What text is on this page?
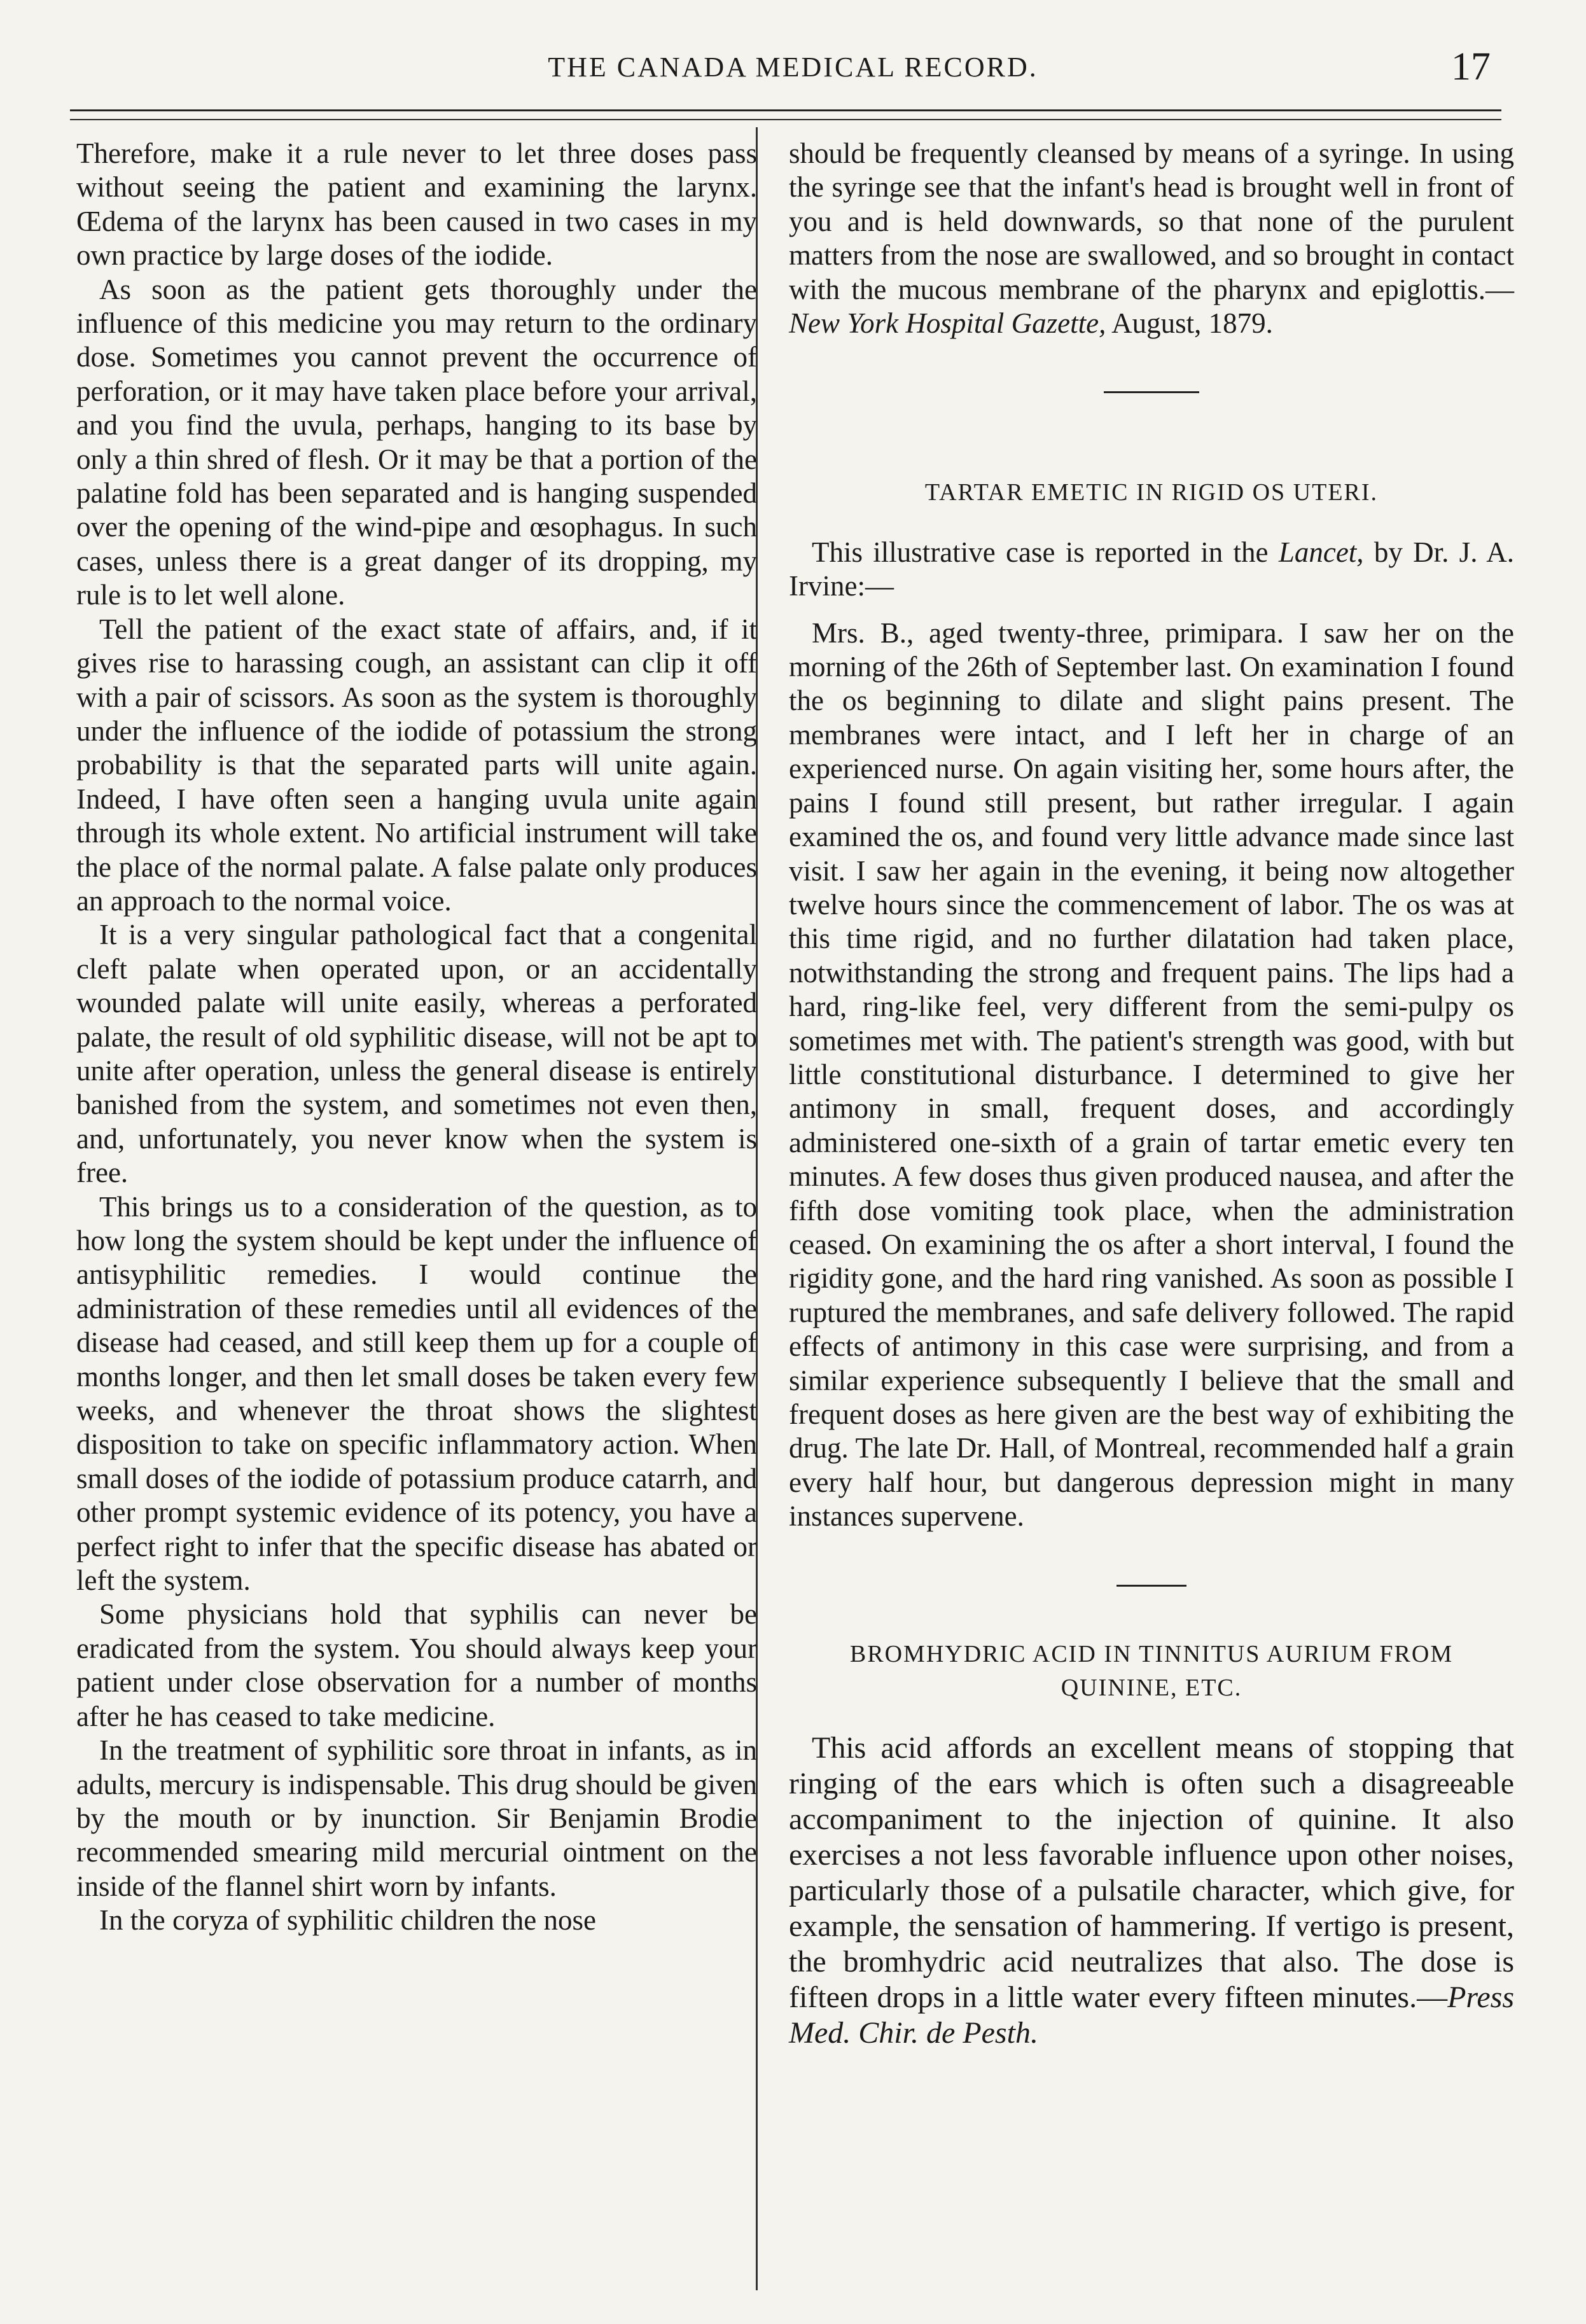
THE CANADA MEDICAL RECORD.	17

Therefore, make it a rule never to let three doses pass without seeing the patient and examining the larynx. Œdema of the larynx has been caused in two cases in my own practice by large doses of the iodide.

As soon as the patient gets thoroughly under the influence of this medicine you may return to the ordinary dose. Sometimes you cannot prevent the occurrence of perforation, or it may have taken place before your arrival, and you find the uvula, perhaps, hanging to its base by only a thin shred of flesh. Or it may be that a portion of the palatine fold has been separated and is hanging suspended over the opening of the wind-pipe and œsophagus. In such cases, unless there is a great danger of its dropping, my rule is to let well alone.

Tell the patient of the exact state of affairs, and, if it gives rise to harassing cough, an assistant can clip it off with a pair of scissors. As soon as the system is thoroughly under the influence of the iodide of potassium the strong probability is that the separated parts will unite again. Indeed, I have often seen a hanging uvula unite again through its whole extent. No artificial instrument will take the place of the normal palate. A false palate only produces an approach to the normal voice.

It is a very singular pathological fact that a congenital cleft palate when operated upon, or an accidentally wounded palate will unite easily, whereas a perforated palate, the result of old syphilitic disease, will not be apt to unite after operation, unless the general disease is entirely banished from the system, and sometimes not even then, and, unfortunately, you never know when the system is free.

This brings us to a consideration of the question, as to how long the system should be kept under the influence of antisyphilitic remedies. I would continue the administration of these remedies until all evidences of the disease had ceased, and still keep them up for a couple of months longer, and then let small doses be taken every few weeks, and whenever the throat shows the slightest disposition to take on specific inflammatory action. When small doses of the iodide of potassium produce catarrh, and other prompt systemic evidence of its potency, you have a perfect right to infer that the specific disease has abated or left the system.

Some physicians hold that syphilis can never be eradicated from the system. You should always keep your patient under close observation for a number of months after he has ceased to take medicine.

In the treatment of syphilitic sore throat in infants, as in adults, mercury is indispensable. This drug should be given by the mouth or by inunction. Sir Benjamin Brodie recommended smearing mild mercurial ointment on the inside of the flannel shirt worn by infants.

In the coryza of syphilitic children the nose

should be frequently cleansed by means of a syringe. In using the syringe see that the infant's head is brought well in front of you and is held downwards, so that none of the purulent matters from the nose are swallowed, and so brought in contact with the mucous membrane of the pharynx and epiglottis.—New York Hospital Gazette, August, 1879.

TARTAR EMETIC IN RIGID OS UTERI.

This illustrative case is reported in the Lancet, by Dr. J. A. Irvine:—

Mrs. B., aged twenty-three, primipara. I saw her on the morning of the 26th of September last. On examination I found the os beginning to dilate and slight pains present. The membranes were intact, and I left her in charge of an experienced nurse. On again visiting her, some hours after, the pains I found still present, but rather irregular. I again examined the os, and found very little advance made since last visit. I saw her again in the evening, it being now altogether twelve hours since the commencement of labor. The os was at this time rigid, and no further dilatation had taken place, notwithstanding the strong and frequent pains. The lips had a hard, ring-like feel, very different from the semi-pulpy os sometimes met with. The patient's strength was good, with but little constitutional disturbance. I determined to give her antimony in small, frequent doses, and accordingly administered one-sixth of a grain of tartar emetic every ten minutes. A few doses thus given produced nausea, and after the fifth dose vomiting took place, when the administration ceased. On examining the os after a short interval, I found the rigidity gone, and the hard ring vanished. As soon as possible I ruptured the membranes, and safe delivery followed. The rapid effects of antimony in this case were surprising, and from a similar experience subsequently I believe that the small and frequent doses as here given are the best way of exhibiting the drug. The late Dr. Hall, of Montreal, recommended half a grain every half hour, but dangerous depression might in many instances supervene.

BROMHYDRIC ACID IN TINNITUS AURIUM FROM QUININE, ETC.

This acid affords an excellent means of stopping that ringing of the ears which is often such a disagreeable accompaniment to the injection of quinine. It also exercises a not less favorable influence upon other noises, particularly those of a pulsatile character, which give, for example, the sensation of hammering. If vertigo is present, the bromhydric acid neutralizes that also. The dose is fifteen drops in a little water every fifteen minutes.—Press Med. Chir. de Pesth.
